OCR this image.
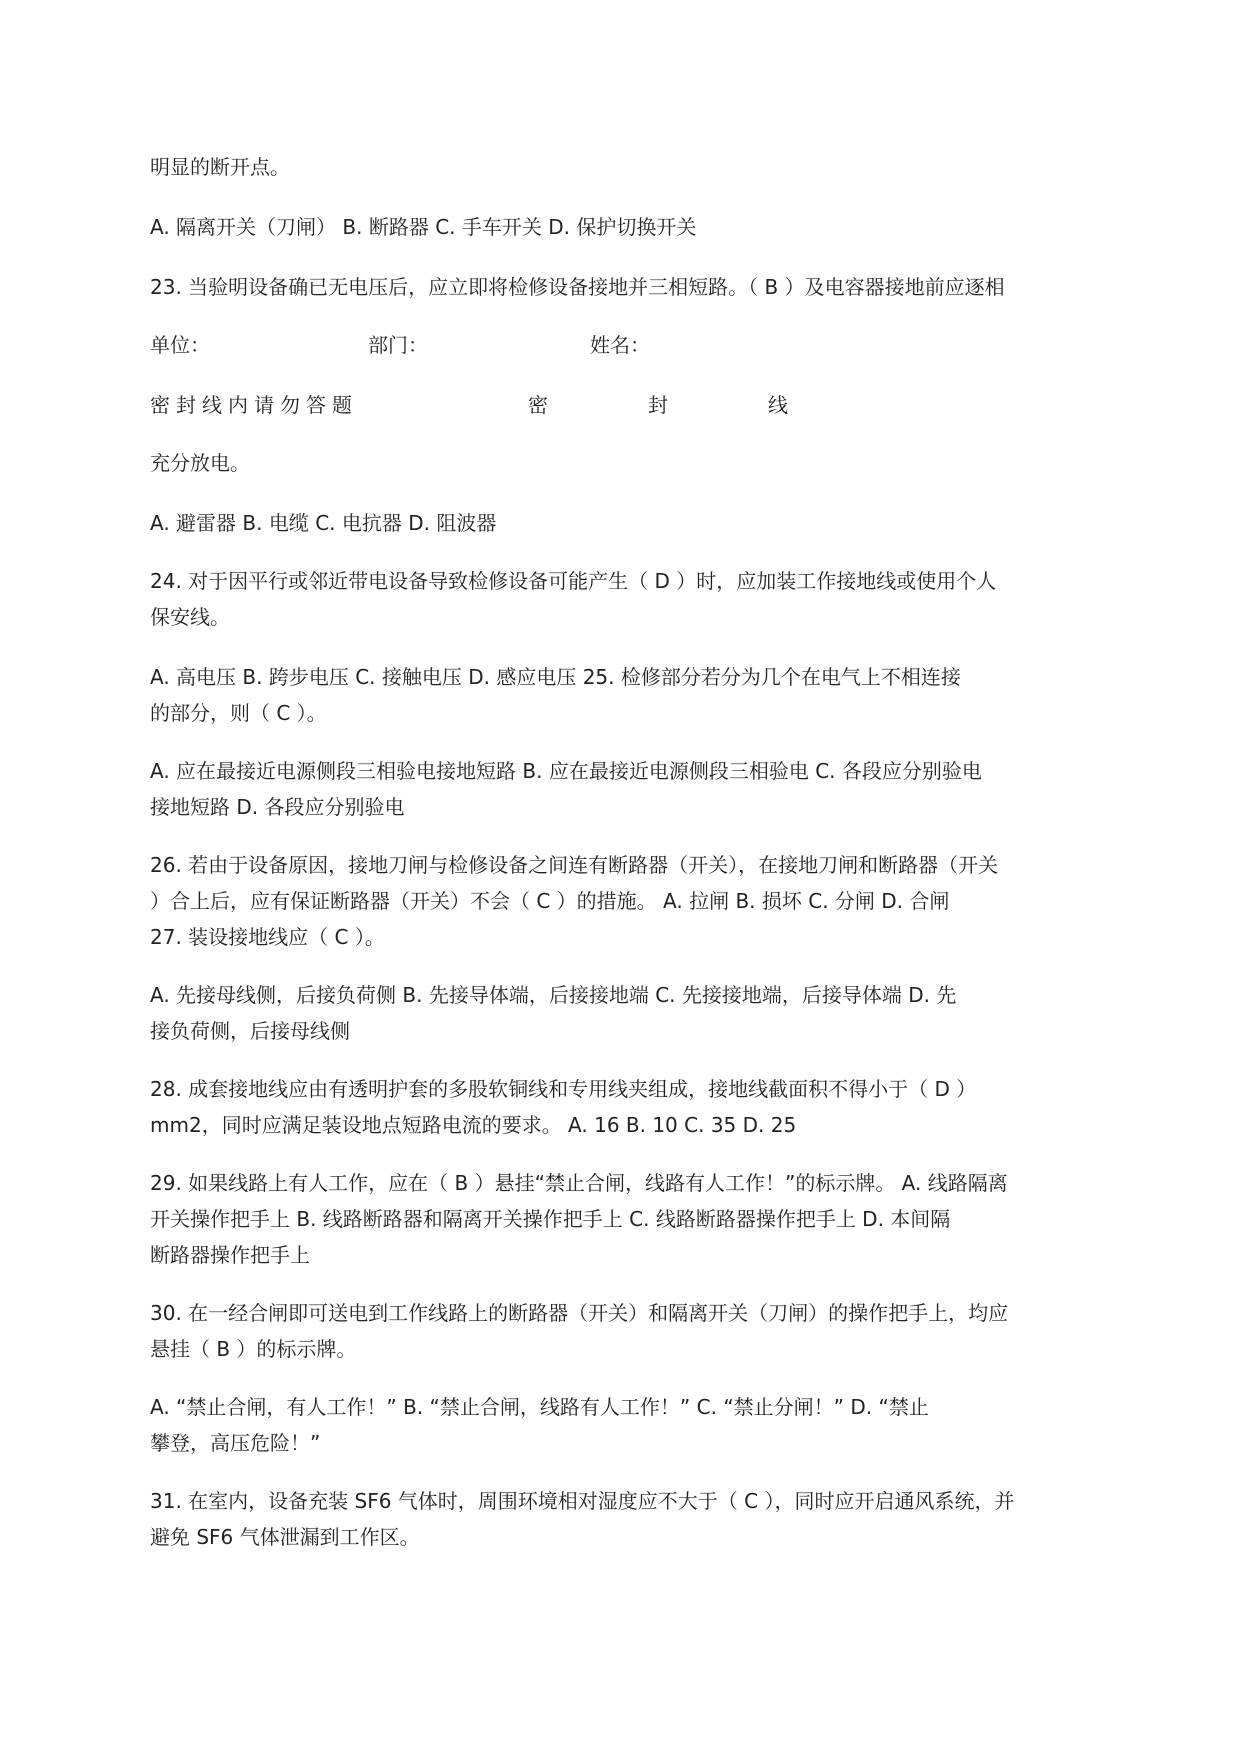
明显的断开点。
A. 隔离开关（刀闸） B. 断路器 C. 手车开关 D. 保护切换开关
23. 当验明设备确已无电压后，应立即将检修设备接地并三相短路。（ B ）及电容器接地前应逐相
单位：	部门：	姓名：
密封线内请勿答题	密	封	线
充分放电。
A. 避雷器 B. 电缆 C. 电抗器 D. 阻波器
24. 对于因平行或邻近带电设备导致检修设备可能产生（ D ）时，应加装工作接地线或使用个人
保安线。
A. 高电压 B. 跨步电压 C. 接触电压 D. 感应电压 25. 检修部分若分为几个在电气上不相连接
的部分，则（ C ）。
A. 应在最接近电源侧段三相验电接地短路 B. 应在最接近电源侧段三相验电 C. 各段应分别验电
接地短路 D. 各段应分别验电
26. 若由于设备原因，接地刀闸与检修设备之间连有断路器（开关），在接地刀闸和断路器（开关
）合上后，应有保证断路器（开关）不会（ C ）的措施。 A. 拉闸 B. 损坏 C. 分闸 D. 合闸
27. 装设接地线应（ C ）。
A. 先接母线侧，后接负荷侧 B. 先接导体端，后接接地端 C. 先接接地端，后接导体端 D. 先
接负荷侧，后接母线侧
28. 成套接地线应由有透明护套的多股软铜线和专用线夹组成，接地线截面积不得小于（ D ）
mm2，同时应满足装设地点短路电流的要求。 A. 16 B. 10 C. 35 D. 25
29. 如果线路上有人工作，应在（ B ）悬挂“禁止合闸，线路有人工作！”的标示牌。 A. 线路隔离
开关操作把手上 B. 线路断路器和隔离开关操作把手上 C. 线路断路器操作把手上 D. 本间隔
断路器操作把手上
30. 在一经合闸即可送电到工作线路上的断路器（开关）和隔离开关（刀闸）的操作把手上，均应
悬挂（ B ）的标示牌。
A. “禁止合闸，有人工作！” B. “禁止合闸，线路有人工作！” C. “禁止分闸！” D. “禁止
攀登，高压危险！”
31. 在室内，设备充装 SF6 气体时，周围环境相对湿度应不大于（ C ），同时应开启通风系统，并
避免 SF6 气体泄漏到工作区。
